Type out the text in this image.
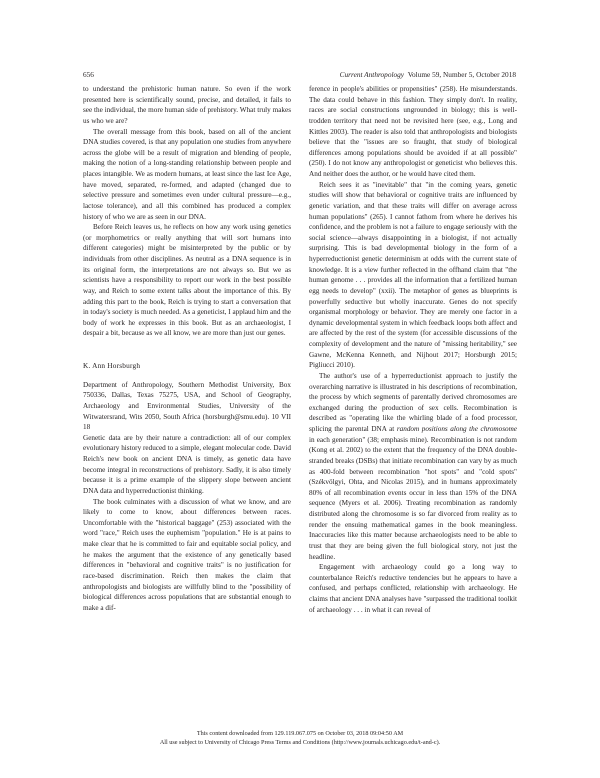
656	Current Anthropology Volume 59, Number 5, October 2018

to understand the prehistoric human nature. So even if the work presented here is scientifically sound, precise, and detailed, it fails to see the individual, the more human side of prehistory. What truly makes us who we are?

The overall message from this book, based on all of the ancient DNA studies covered, is that any population one studies from anywhere across the globe will be a result of migration and blending of people, making the notion of a long-standing relationship between people and places intangible. We as modern humans, at least since the last Ice Age, have moved, separated, re-formed, and adapted (changed due to selective pressure and sometimes even under cultural pressure—e.g., lactose tolerance), and all this combined has produced a complex history of who we are as seen in our DNA.

Before Reich leaves us, he reflects on how any work using genetics (or morphometrics or really anything that will sort humans into different categories) might be misinterpreted by the public or by individuals from other disciplines. As neutral as a DNA sequence is in its original form, the interpretations are not always so. But we as scientists have a responsibility to report our work in the best possible way, and Reich to some extent talks about the importance of this. By adding this part to the book, Reich is trying to start a conversation that in today's society is much needed. As a geneticist, I applaud him and the body of work he expresses in this book. But as an archaeologist, I despair a bit, because as we all know, we are more than just our genes.

K. Ann Horsburgh

Department of Anthropology, Southern Methodist University, Box 750336, Dallas, Texas 75275, USA, and School of Geography, Archaeology and Environmental Studies, University of the Witwatersrand, Wits 2050, South Africa (horsburgh@smu.edu). 10 VII 18

Genetic data are by their nature a contradiction: all of our complex evolutionary history reduced to a simple, elegant molecular code. David Reich's new book on ancient DNA is timely, as genetic data have become integral in reconstructions of prehistory. Sadly, it is also timely because it is a prime example of the slippery slope between ancient DNA data and hyperreductionist thinking.

The book culminates with a discussion of what we know, and are likely to come to know, about differences between races. Uncomfortable with the "historical baggage" (253) associated with the word "race," Reich uses the euphemism "population." He is at pains to make clear that he is committed to fair and equitable social policy, and he makes the argument that the existence of any genetically based differences in "behavioral and cognitive traits" is no justification for race-based discrimination. Reich then makes the claim that anthropologists and biologists are willfully blind to the "possibility of biological differences across populations that are substantial enough to make a dif-

ference in people's abilities or propensities" (258). He misunderstands. The data could behave in this fashion. They simply don't. In reality, races are social constructions ungrounded in biology; this is well-trodden territory that need not be revisited here (see, e.g., Long and Kittles 2003). The reader is also told that anthropologists and biologists believe that the "issues are so fraught, that study of biological differences among populations should be avoided if at all possible" (250). I do not know any anthropologist or geneticist who believes this. And neither does the author, or he would have cited them.

Reich sees it as "inevitable" that "in the coming years, genetic studies will show that behavioral or cognitive traits are influenced by genetic variation, and that these traits will differ on average across human populations" (265). I cannot fathom from where he derives his confidence, and the problem is not a failure to engage seriously with the social science—always disappointing in a biologist, if not actually surprising. This is bad developmental biology in the form of a hyperreductionist genetic determinism at odds with the current state of knowledge. It is a view further reflected in the offhand claim that "the human genome . . . provides all the information that a fertilized human egg needs to develop" (xxii). The metaphor of genes as blueprints is powerfully seductive but wholly inaccurate. Genes do not specify organismal morphology or behavior. They are merely one factor in a dynamic developmental system in which feedback loops both affect and are affected by the rest of the system (for accessible discussions of the complexity of development and the nature of "missing heritability," see Gawne, McKenna Kenneth, and Nijhout 2017; Horsburgh 2015; Pigliucci 2010).

The author's use of a hyperreductionist approach to justify the overarching narrative is illustrated in his descriptions of recombination, the process by which segments of parentally derived chromosomes are exchanged during the production of sex cells. Recombination is described as "operating like the whirling blade of a food processor, splicing the parental DNA at random positions along the chromosome in each generation" (38; emphasis mine). Recombination is not random (Kong et al. 2002) to the extent that the frequency of the DNA double-stranded breaks (DSBs) that initiate recombination can vary by as much as 400-fold between recombination "hot spots" and "cold spots" (Székvölgyi, Ohta, and Nicolas 2015), and in humans approximately 80% of all recombination events occur in less than 15% of the DNA sequence (Myers et al. 2006). Treating recombination as randomly distributed along the chromosome is so far divorced from reality as to render the ensuing mathematical games in the book meaningless. Inaccuracies like this matter because archaeologists need to be able to trust that they are being given the full biological story, not just the headline.

Engagement with archaeology could go a long way to counterbalance Reich's reductive tendencies but he appears to have a confused, and perhaps conflicted, relationship with archaeology. He claims that ancient DNA analyses have "surpassed the traditional toolkit of archaeology . . . in what it can reveal of

This content downloaded from 129.119.067.075 on October 03, 2018 09:04:50 AM
All use subject to University of Chicago Press Terms and Conditions (http://www.journals.uchicago.edu/t-and-c).
